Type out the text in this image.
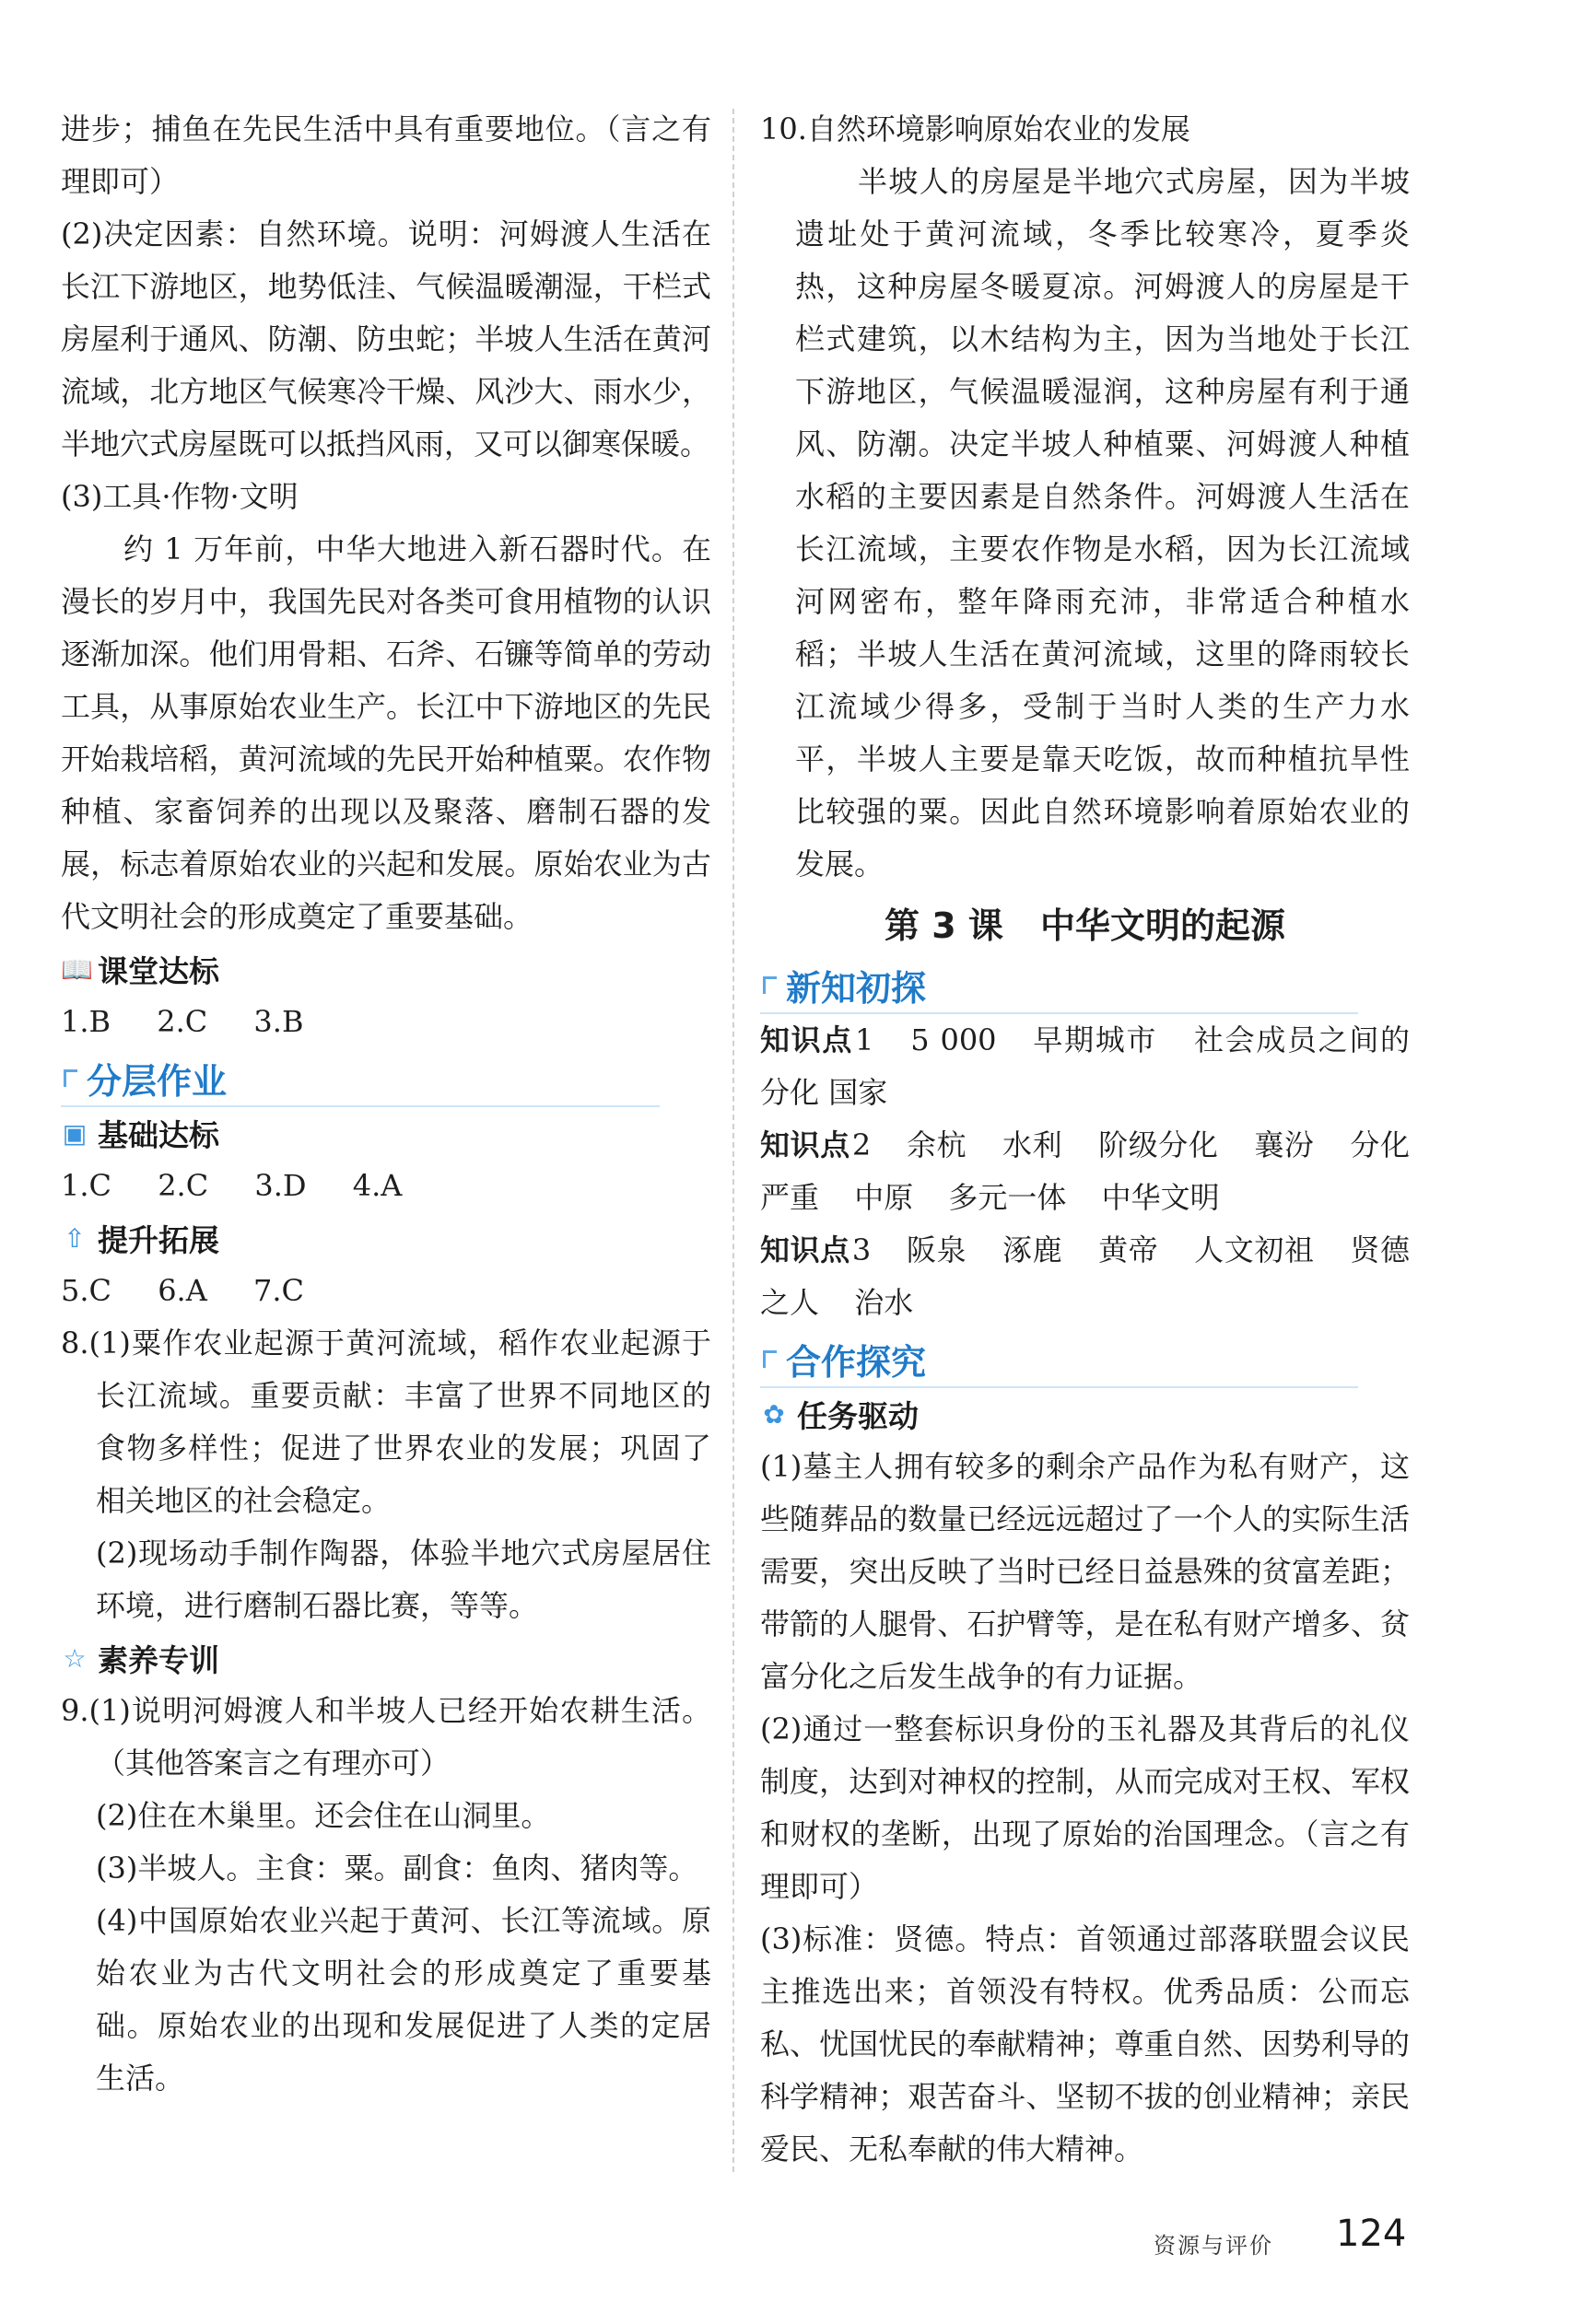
进步；捕鱼在先民生活中具有重要地位。（言之有理即可）

(2)决定因素：自然环境。说明：河姆渡人生活在长江下游地区，地势低洼、气候温暖潮湿，干栏式房屋利于通风、防潮、防虫蛇；半坡人生活在黄河流域，北方地区气候寒冷干燥、风沙大、雨水少，半地穴式房屋既可以抵挡风雨，又可以御寒保暖。

(3) 工具·作物·文明

约 1 万年前，中华大地进入新石器时代。在漫长的岁月中，我国先民对各类可食用植物的认识逐渐加深。他们用骨耜、石斧、石镰等简单的劳动工具，从事原始农业生产。长江中下游地区的先民开始栽培稻，黄河流域的先民开始种植粟。农作物种植、家畜饲养的出现以及聚落、磨制石器的发展，标志着原始农业的兴起和发展。原始农业为古代文明社会的形成奠定了重要基础。

📖 课堂达标

1.B 2.C 3.B

分层作业
▣ 基础达标

1.C 2.C 3.D 4.A

⇧ 提升拓展

5.C 6.A 7.C

8.(1)粟作农业起源于黄河流域，稻作农业起源于长江流域。重要贡献：丰富了世界不同地区的食物多样性；促进了世界农业的发展；巩固了相关地区的社会稳定。

(2)现场动手制作陶器，体验半地穴式房屋居住环境，进行磨制石器比赛，等等。

☆ 素养专训

9.(1)说明河姆渡人和半坡人已经开始农耕生活。（其他答案言之有理亦可）

(2)住在木巢里。还会住在山洞里。

(3)半坡人。主食：粟。副食：鱼肉、猪肉等。

(4)中国原始农业兴起于黄河、长江等流域。原始农业为古代文明社会的形成奠定了重要基础。原始农业的出现和发展促进了人类的定居生活。

10. 自然环境影响原始农业的发展

半坡人的房屋是半地穴式房屋，因为半坡遗址处于黄河流域，冬季比较寒冷，夏季炎热，这种房屋冬暖夏凉。河姆渡人的房屋是干栏式建筑，以木结构为主，因为当地处于长江下游地区，气候温暖湿润，这种房屋有利于通风、防潮。决定半坡人种植粟、河姆渡人种植水稻的主要因素是自然条件。河姆渡人生活在长江流域，主要农作物是水稻，因为长江流域河网密布，整年降雨充沛，非常适合种植水稻；半坡人生活在黄河流域，这里的降雨较长江流域少得多，受制于当时人类的生产力水平，半坡人主要是靠天吃饭，故而种植抗旱性比较强的粟。因此自然环境影响着原始农业的发展。

第 3 课 中华文明的起源
新知初探

知识点1 5 000 早期城市 社会成员之间的分化 国家

知识点2 余杭 水利 阶级分化 襄汾 分化 严重 中原 多元一体 中华文明

知识点3 阪泉 涿鹿 黄帝 人文初祖 贤德 之人 治水

合作探究
✿ 任务驱动

(1)墓主人拥有较多的剩余产品作为私有财产，这些随葬品的数量已经远远超过了一个人的实际生活需要，突出反映了当时已经日益悬殊的贫富差距；带箭的人腿骨、石护臂等，是在私有财产增多、贫富分化之后发生战争的有力证据。

(2)通过一整套标识身份的玉礼器及其背后的礼仪制度，达到对神权的控制，从而完成对王权、军权和财权的垄断，出现了原始的治国理念。（言之有理即可）

(3)标准：贤德。特点：首领通过部落联盟会议民主推选出来；首领没有特权。优秀品质：公而忘私、忧国忧民的奉献精神；尊重自然、因势利导的科学精神；艰苦奋斗、坚韧不拔的创业精神；亲民爱民、无私奉献的伟大精神。

资源与评价 124
